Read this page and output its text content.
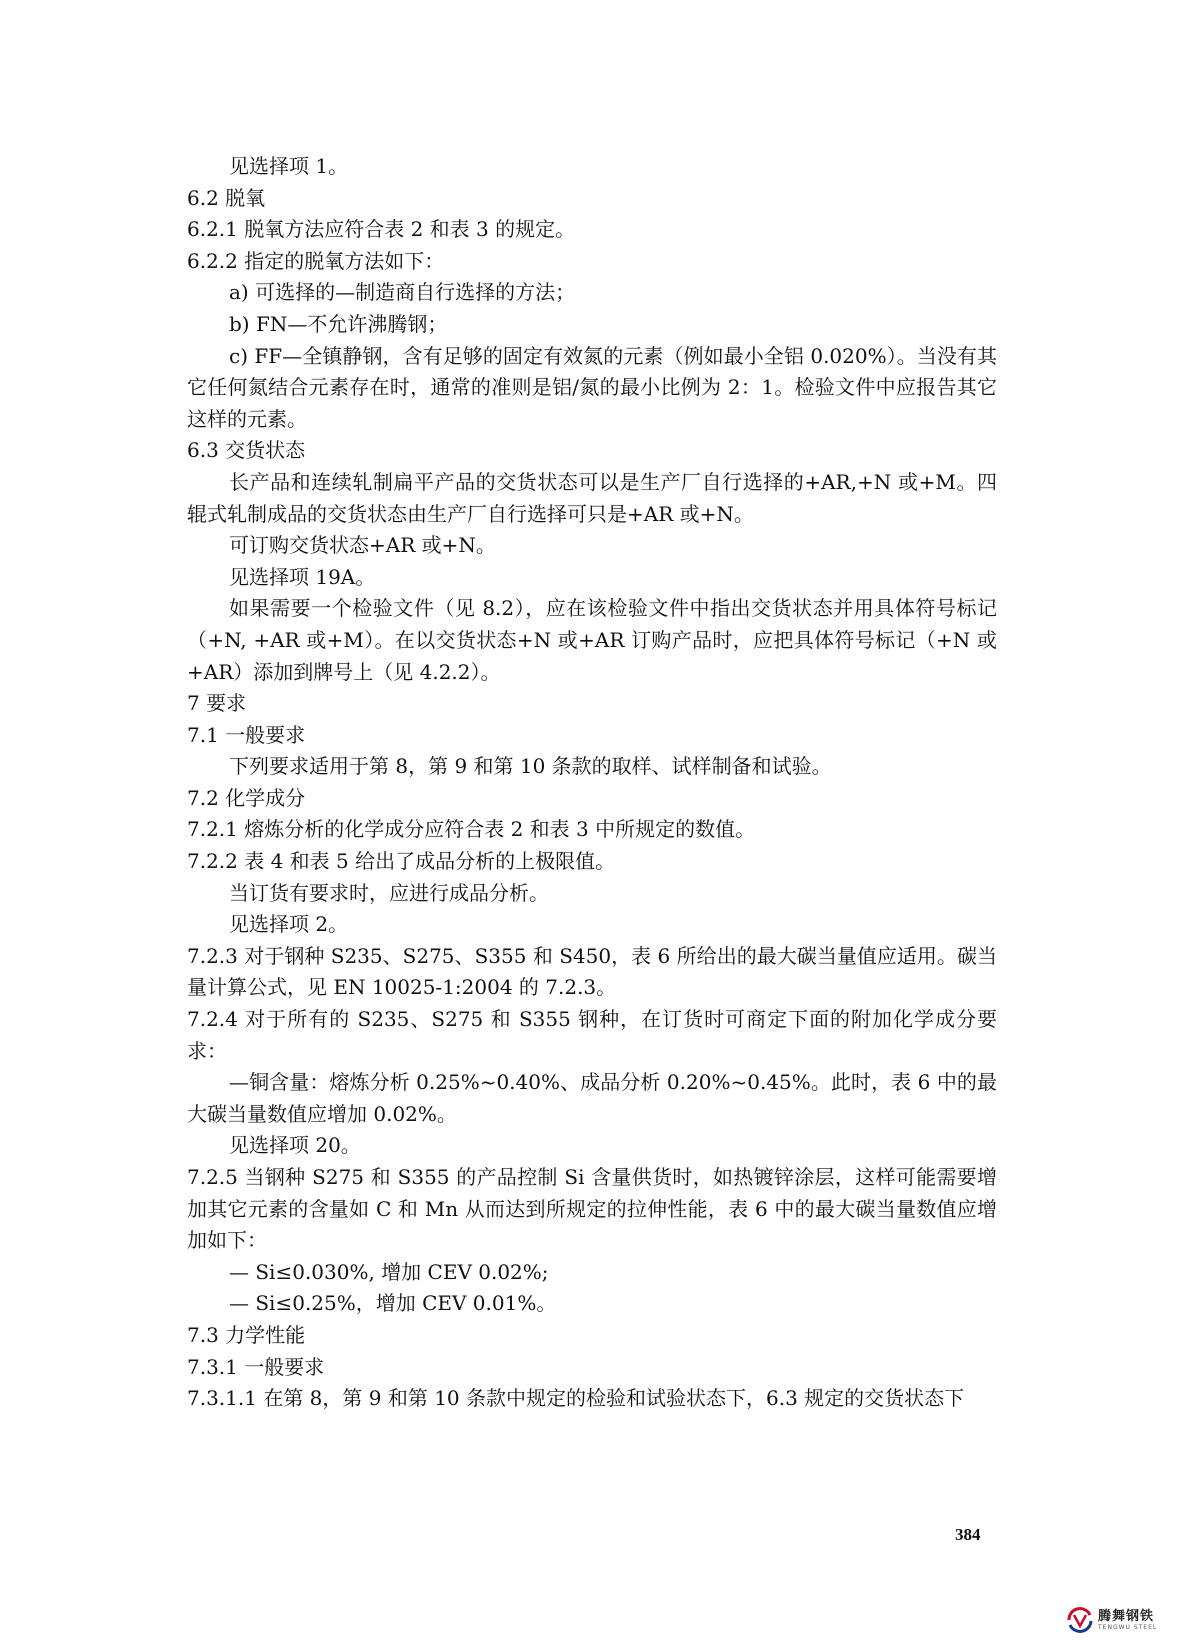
见选择项 1。
6.2 脱氧
6.2.1 脱氧方法应符合表 2 和表 3 的规定。
6.2.2 指定的脱氧方法如下：
a) 可选择的—制造商自行选择的方法；
b) FN—不允许沸腾钢；
c) FF—全镇静钢，含有足够的固定有效氮的元素（例如最小全铝 0.020%）。当没有其它任何氮结合元素存在时，通常的准则是铝/氮的最小比例为 2：1。检验文件中应报告其它这样的元素。
6.3 交货状态
长产品和连续轧制扁平产品的交货状态可以是生产厂自行选择的+AR,+N 或+M。四辊式轧制成品的交货状态由生产厂自行选择可只是+AR 或+N。
可订购交货状态+AR 或+N。
见选择项 19A。
如果需要一个检验文件（见 8.2），应在该检验文件中指出交货状态并用具体符号标记（+N, +AR 或+M）。在以交货状态+N 或+AR 订购产品时，应把具体符号标记（+N 或+AR）添加到牌号上（见 4.2.2）。
7 要求
7.1 一般要求
下列要求适用于第 8，第 9 和第 10 条款的取样、试样制备和试验。
7.2 化学成分
7.2.1 熔炼分析的化学成分应符合表 2 和表 3 中所规定的数值。
7.2.2 表 4 和表 5 给出了成品分析的上极限值。
当订货有要求时，应进行成品分析。
见选择项 2。
7.2.3 对于钢种 S235、S275、S355 和 S450，表 6 所给出的最大碳当量值应适用。碳当量计算公式，见 EN 10025-1:2004 的 7.2.3。
7.2.4 对于所有的 S235、S275 和 S355 钢种，在订货时可商定下面的附加化学成分要求：
—铜含量：熔炼分析 0.25%~0.40%、成品分析 0.20%~0.45%。此时，表 6 中的最大碳当量数值应增加 0.02%。
见选择项 20。
7.2.5 当钢种 S275 和 S355 的产品控制 Si 含量供货时，如热镀锌涂层，这样可能需要增加其它元素的含量如 C 和 Mn 从而达到所规定的拉伸性能，表 6 中的最大碳当量数值应增加如下：
— Si≤0.030%, 增加 CEV 0.02%;
— Si≤0.25%，增加 CEV 0.01%。
7.3 力学性能
7.3.1 一般要求
7.3.1.1 在第 8，第 9 和第 10 条款中规定的检验和试验状态下，6.3 规定的交货状态下
384
腾舞钢铁
TENGWU STEEL
